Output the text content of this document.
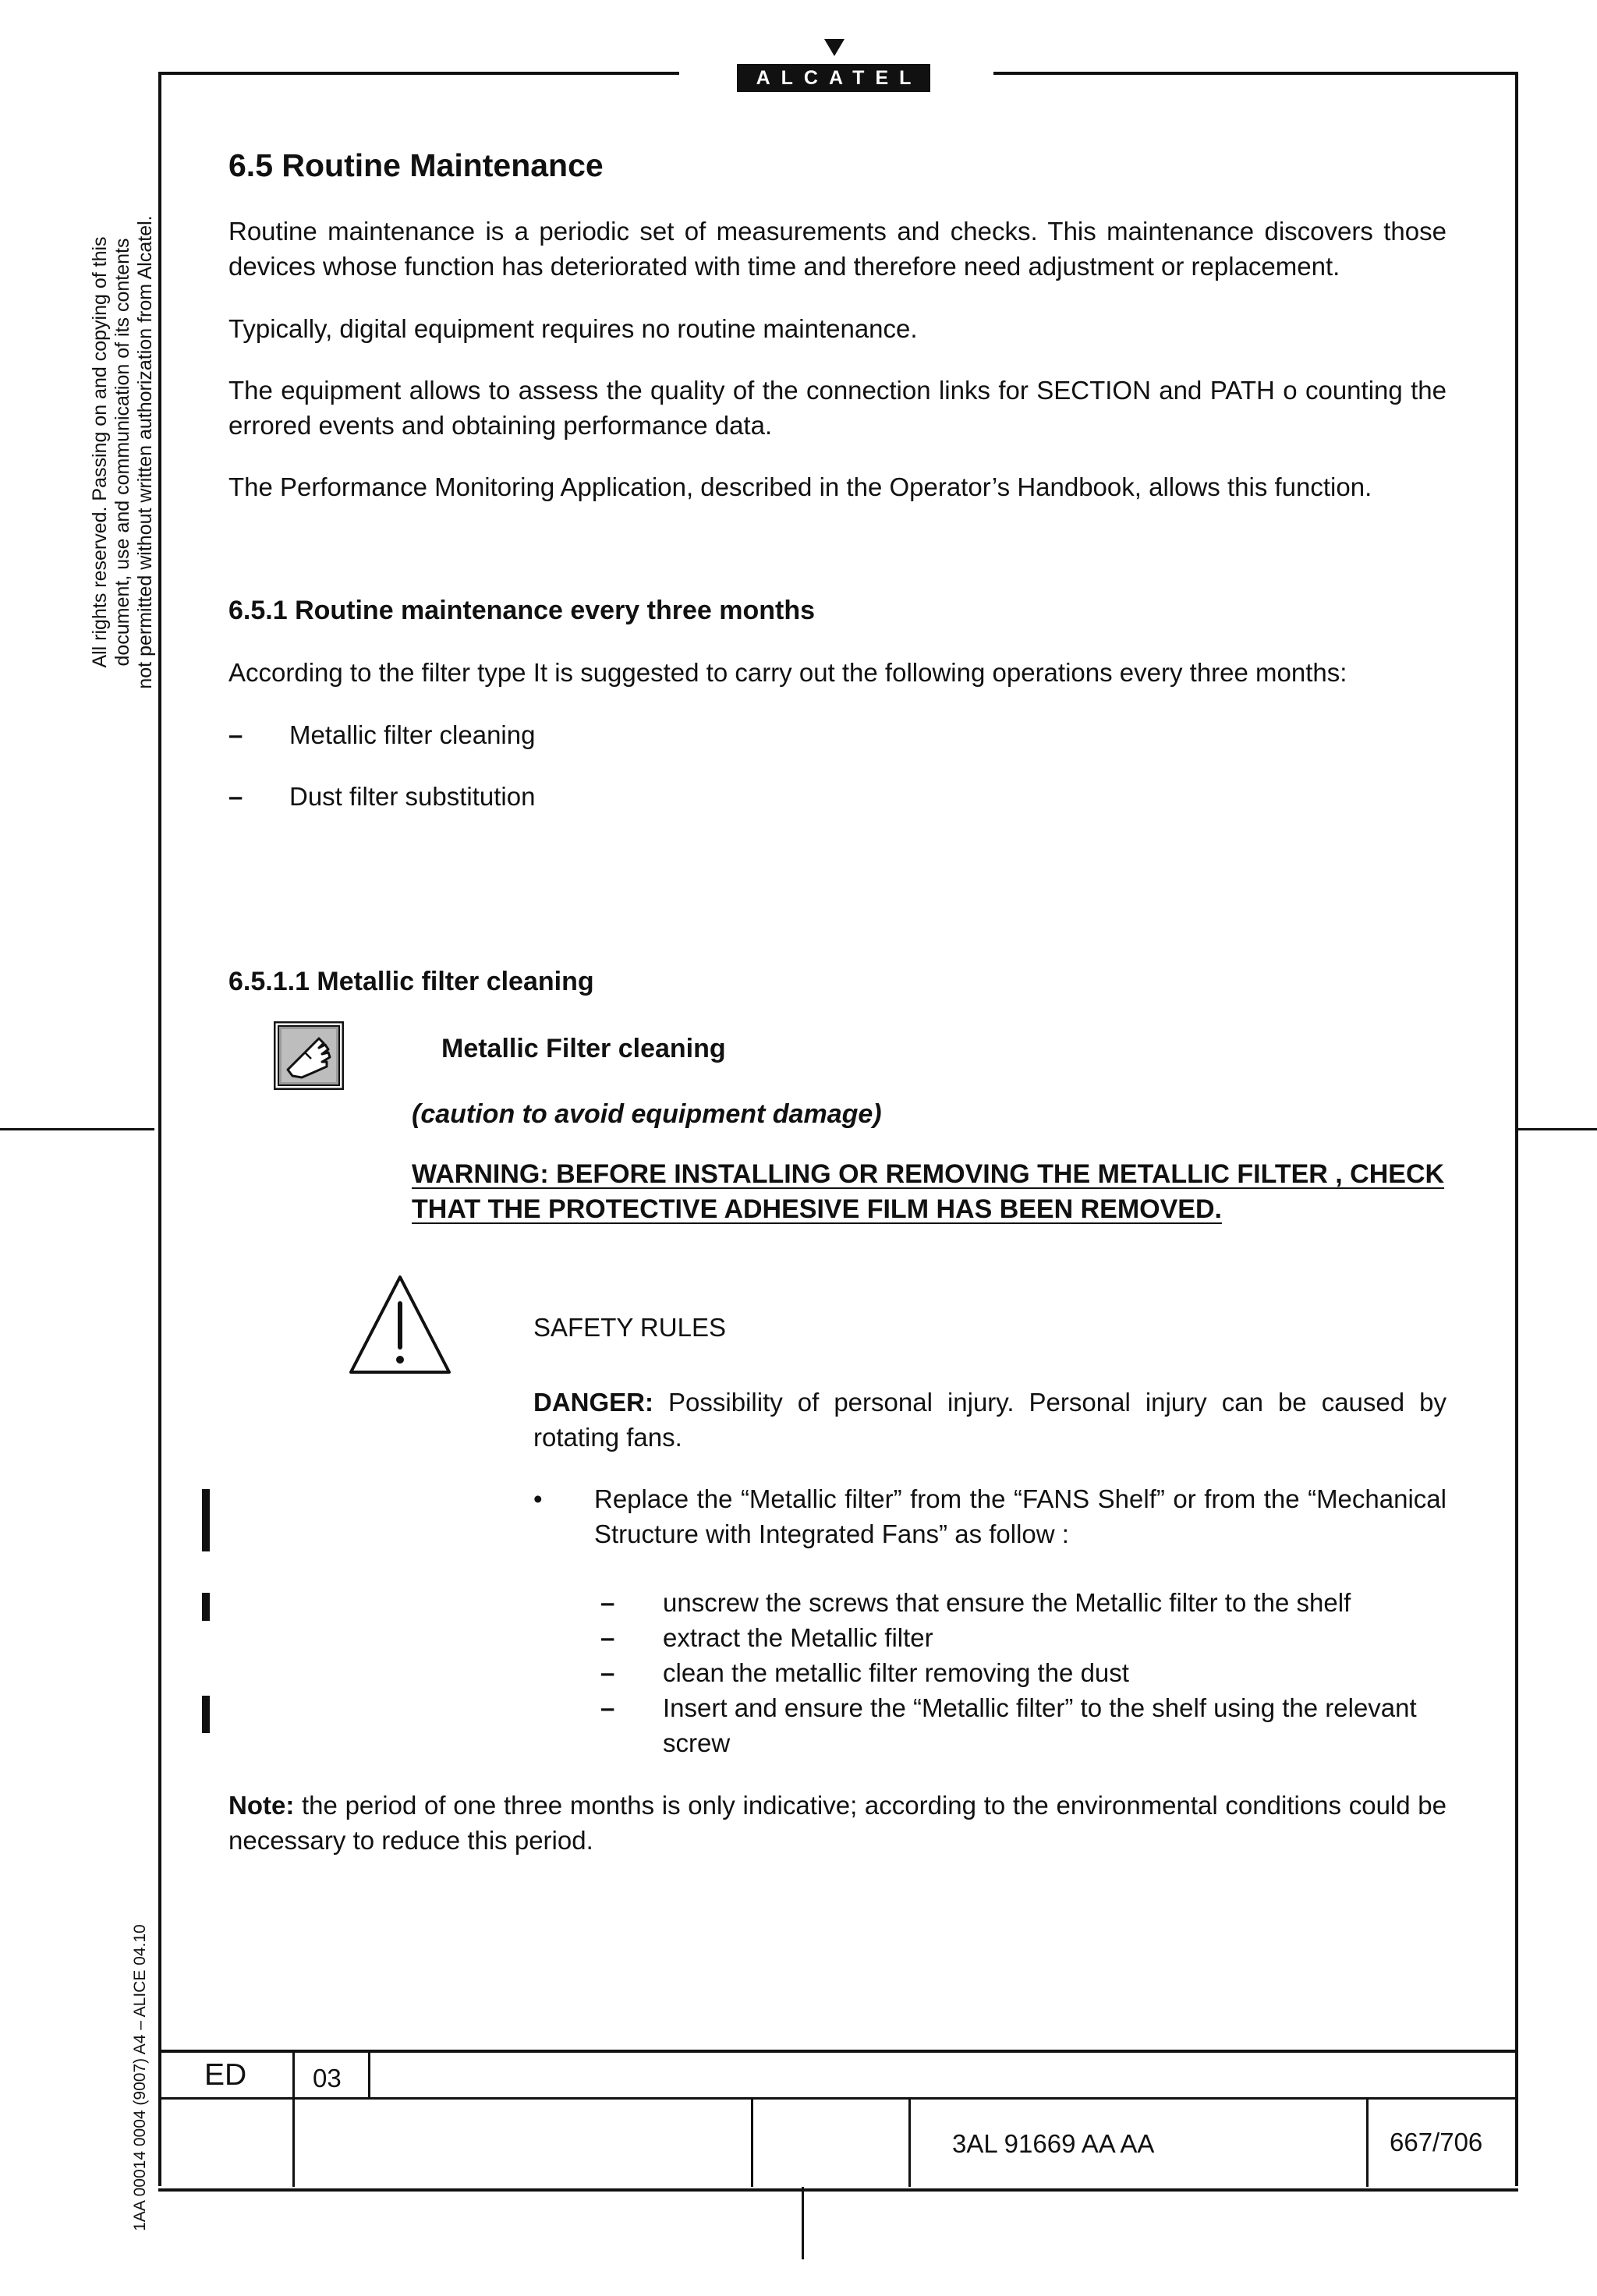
ALCATEL
All rights reserved. Passing on and copying of this document, use and communication of its contents not permitted without written authorization from Alcatel.
1AA 00014 0004 (9007) A4 – ALICE 04.10
6.5 Routine Maintenance
Routine maintenance is a periodic set of measurements and checks. This maintenance discovers those devices whose function has deteriorated with time and therefore need adjustment or replacement.
Typically, digital equipment requires no routine maintenance.
The equipment allows to assess the quality of the connection links for SECTION and PATH o counting the errored events and obtaining performance data.
The Performance Monitoring Application, described in the Operator’s Handbook, allows this function.
6.5.1 Routine maintenance every three months
According to the filter type It is suggested to carry out the following operations every three months:
– Metallic filter cleaning
– Dust filter substitution
6.5.1.1 Metallic filter cleaning
Metallic Filter cleaning
(caution to avoid equipment damage)
WARNING: BEFORE INSTALLING OR REMOVING THE METALLIC FILTER , CHECK THAT THE PROTECTIVE ADHESIVE FILM HAS BEEN REMOVED.
SAFETY RULES
DANGER: Possibility of personal injury. Personal injury can be caused by rotating fans.
• Replace the “Metallic filter” from the “FANS Shelf” or from the “Mechanical Structure with Integrated Fans” as follow :
– unscrew the screws that ensure the Metallic filter to the shelf
– extract the Metallic filter
– clean the metallic filter removing the dust
– Insert and ensure the “Metallic filter” to the shelf using the relevant screw
Note: the period of one three months is only indicative; according to the environmental conditions could be necessary to reduce this period.
ED	03
3AL 91669 AA AA	667/706
